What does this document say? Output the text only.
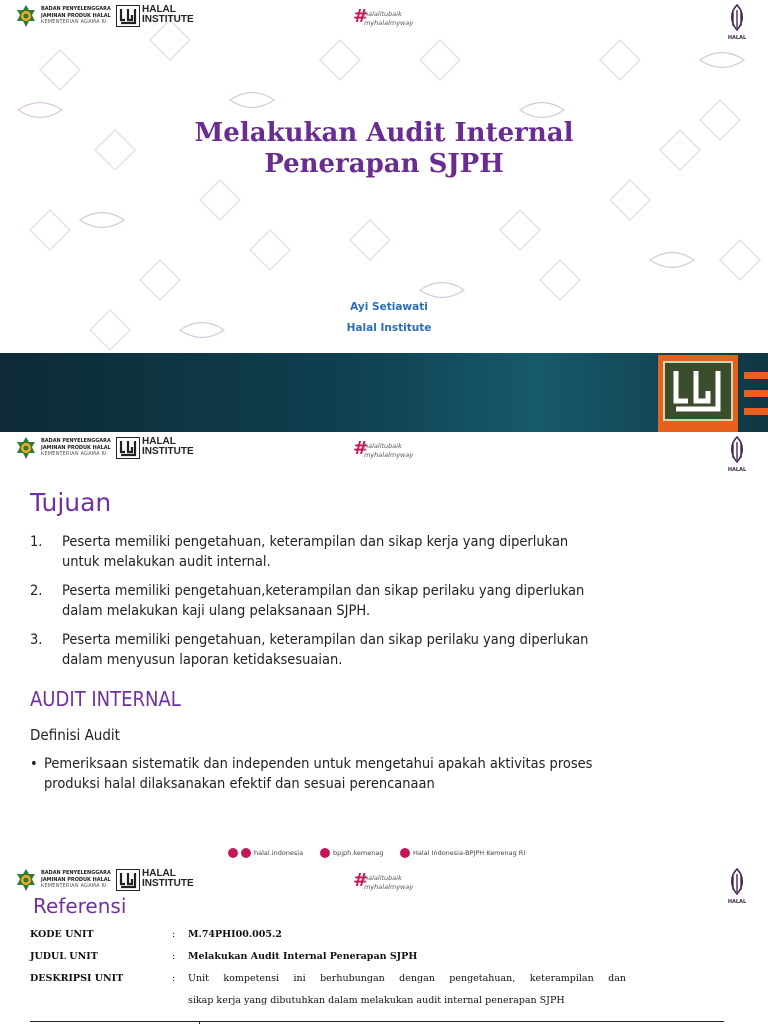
BADAN PENYELENGGARA
JAMINAN PRODUK HALAL
KEMENTERIAN AGAMA RI
HALAL
INSTITUTE	#
halalitubaik
myhalalmyway
HALAL
Melakukan Audit Internal
Penerapan SJPH
Ayi Setiawati
Halal Institute
BADAN PENYELENGGARA
JAMINAN PRODUK HALAL
KEMENTERIAN AGAMA RI
HALAL
INSTITUTE	#
halalitubaik
myhalalmyway
HALAL
Tujuan
1. Peserta memiliki pengetahuan, keterampilan dan sikap kerja yang diperlukan
untuk melakukan audit internal.
2. Peserta memiliki pengetahuan,keterampilan dan sikap perilaku yang diperlukan
dalam melakukan kaji ulang pelaksanaan SJPH.
3. Peserta memiliki pengetahuan, keterampilan dan sikap perilaku yang diperlukan
dalam menyusun laporan ketidaksesuaian.
AUDIT INTERNAL
Definisi Audit
• Pemeriksaan sistematik dan independen untuk mengetahui apakah aktivitas proses
produksi halal dilaksanakan efektif dan sesuai perencanaan
halal.indonesia	bpjph.kemenag	Halal Indonesia-BPJPH Kemenag RI
BADAN PENYELENGGARA
JAMINAN PRODUK HALAL
KEMENTERIAN AGAMA RI
HALAL
INSTITUTE	#
halalitubaik
myhalalmyway
HALAL
Referensi
KODE UNIT	: M.74PHI00.005.2
JUDUL UNIT	: Melakukan Audit Internal Penerapan SJPH
DESKRIPSI UNIT	: Unit kompetensi ini berhubungan dengan pengetahuan, keterampilan dan
sikap kerja yang dibutuhkan dalam melakukan audit internal penerapan SJPH
